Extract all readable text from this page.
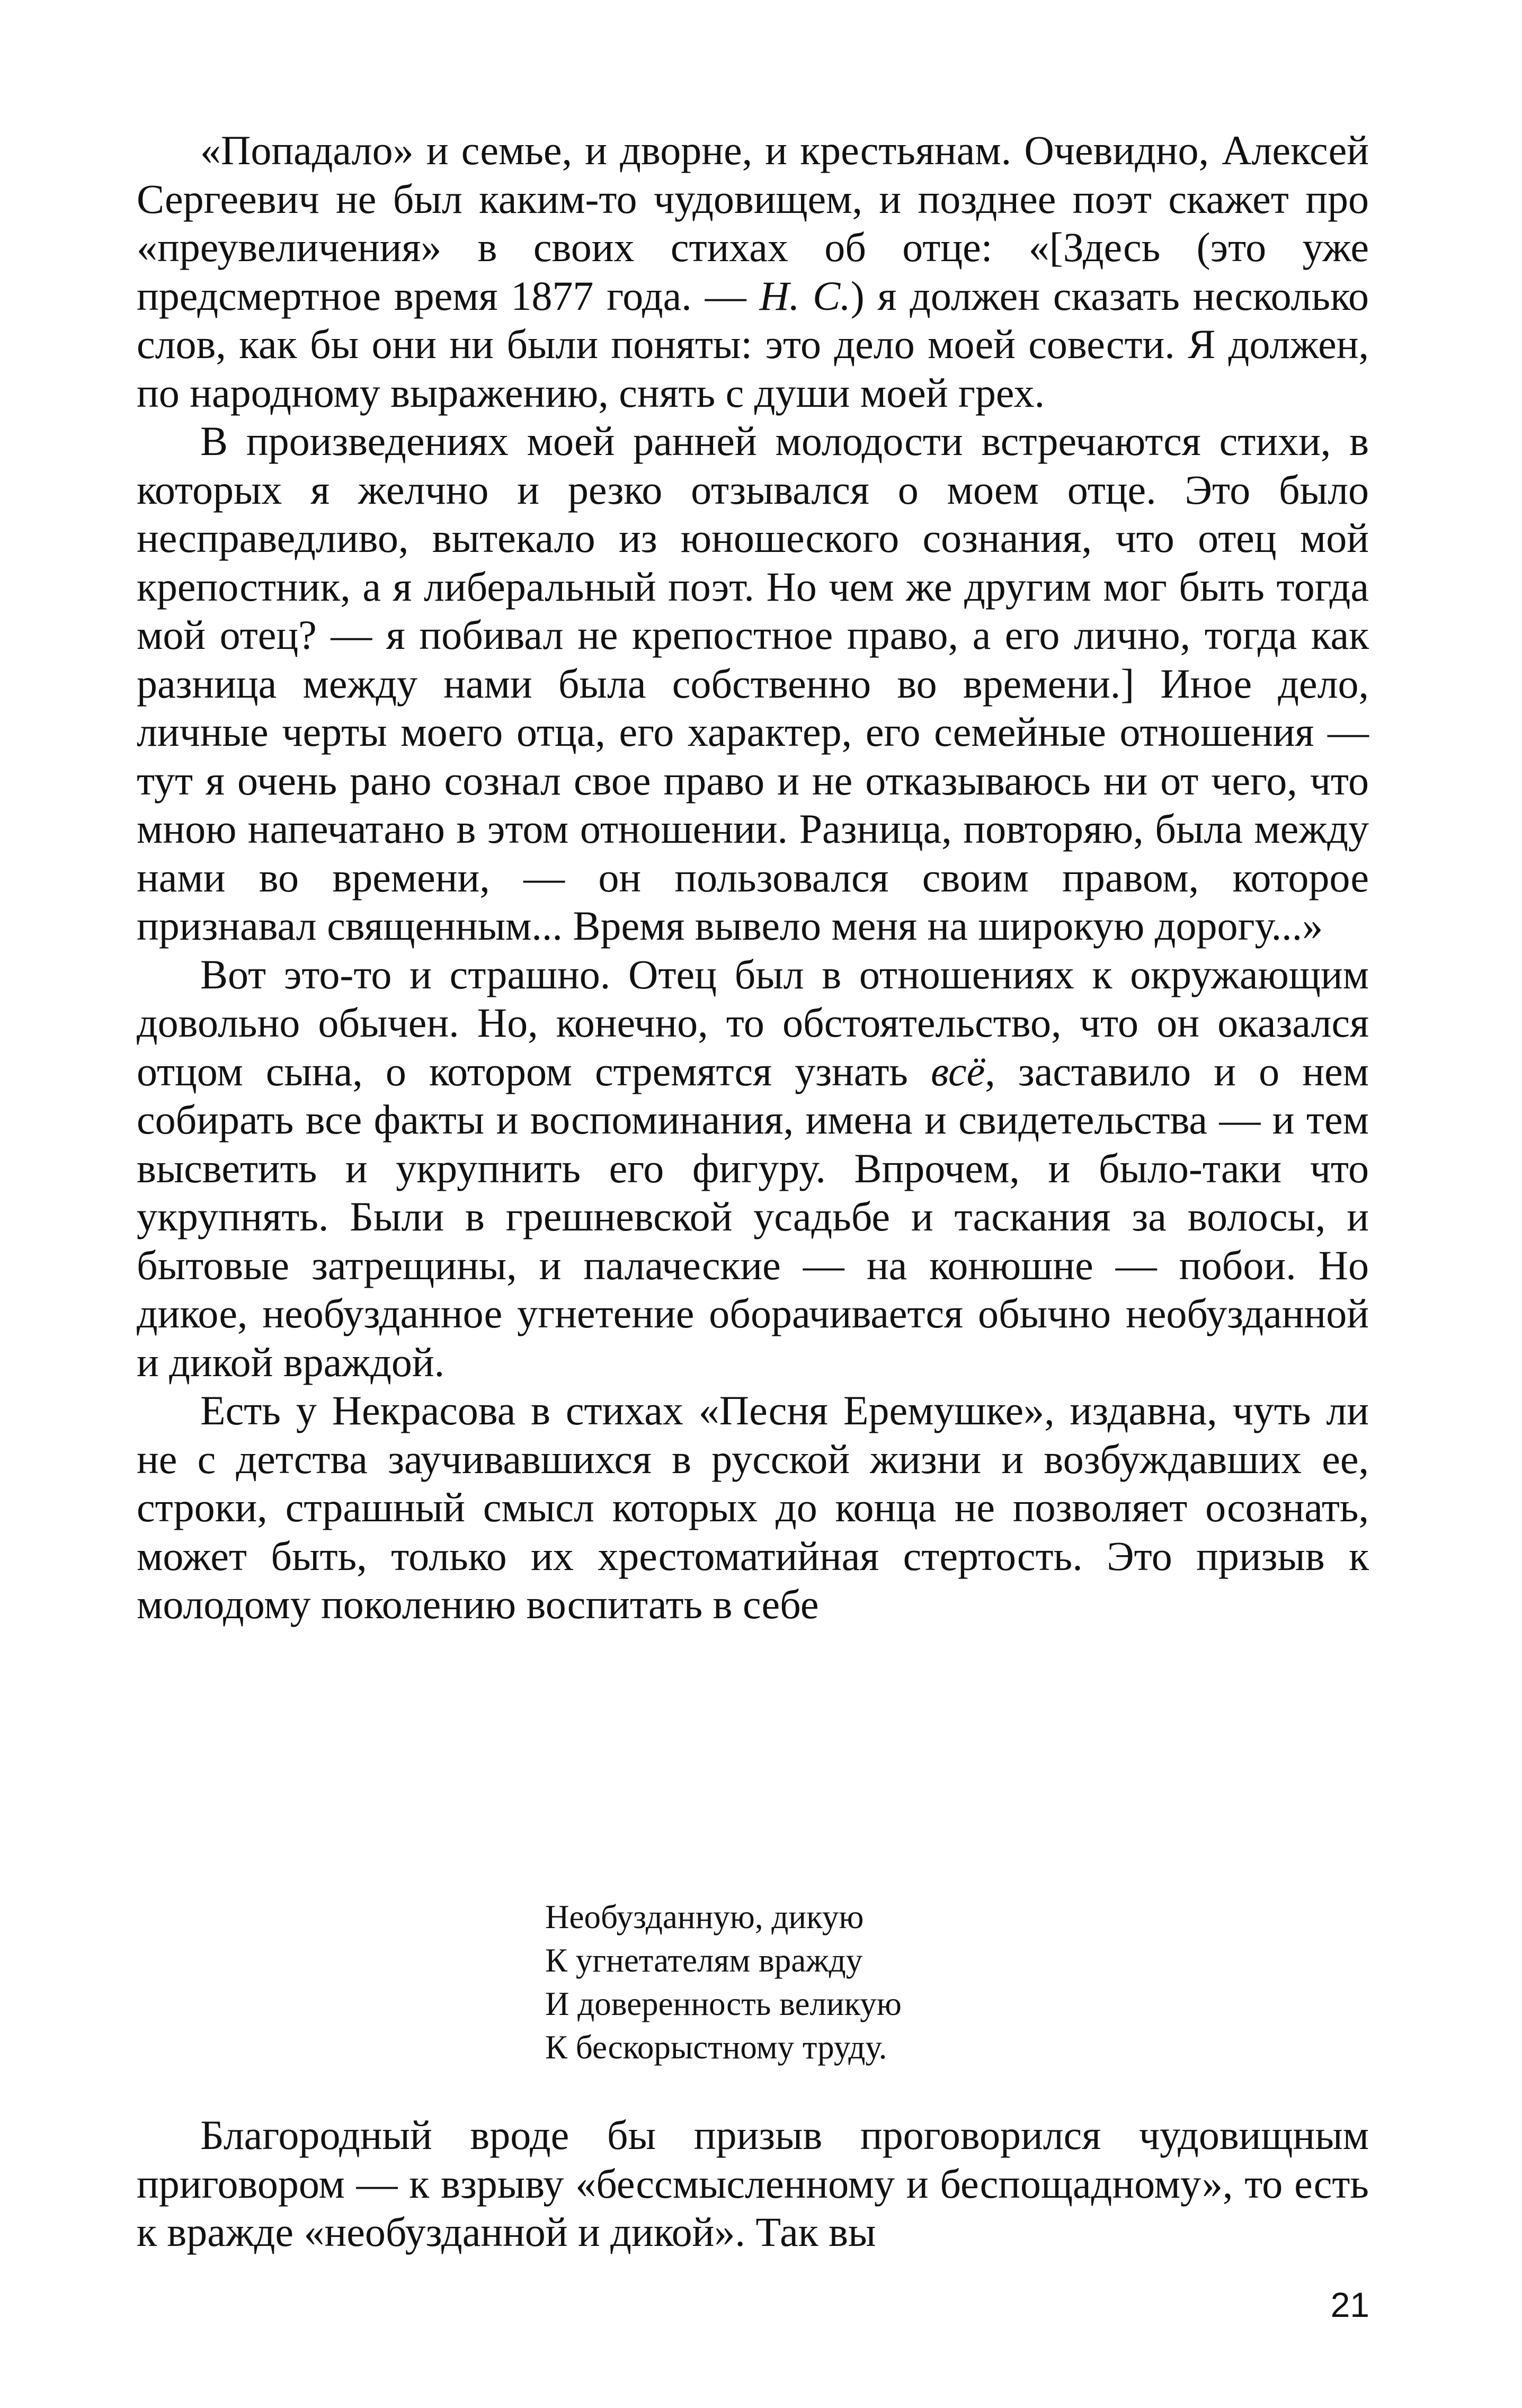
«Попадало» и семье, и дворне, и крестьянам. Очевидно, Алексей Сергеевич не был каким-то чудовищем, и позднее поэт скажет про «преувеличения» в своих стихах об отце: «[Здесь (это уже предсмертное время 1877 года. — Н. С.) я должен сказать несколько слов, как бы они ни были поняты: это дело моей совести. Я должен, по народному выражению, снять с души моей грех.

В произведениях моей ранней молодости встречаются стихи, в которых я желчно и резко отзывался о моем отце. Это было несправедливо, вытекало из юношеского сознания, что отец мой крепостник, а я либеральный поэт. Но чем же другим мог быть тогда мой отец? — я побивал не крепостное право, а его лично, тогда как разница между нами была собственно во времени.] Иное дело, личные черты моего отца, его характер, его семейные отношения — тут я очень рано сознал свое право и не отказываюсь ни от чего, что мною напечатано в этом отношении. Разница, повторяю, была между нами во времени, — он пользовался своим правом, которое признавал священным... Время вывело меня на широкую дорогу...»

Вот это-то и страшно. Отец был в отношениях к окружающим довольно обычен. Но, конечно, то обстоятельство, что он оказался отцом сына, о котором стремятся узнать всё, заставило и о нем собирать все факты и воспоминания, имена и свидетельства — и тем высветить и укрупнить его фигуру. Впрочем, и было-таки что укрупнять. Были в грешневской усадьбе и таскания за волосы, и бытовые затрещины, и палаческие — на конюшне — побои. Но дикое, необузданное угнетение оборачивается обычно необузданной и дикой враждой.

Есть у Некрасова в стихах «Песня Еремушке», издавна, чуть ли не с детства заучивавшихся в русской жизни и возбуждавших ее, строки, страшный смысл которых до конца не позволяет осознать, может быть, только их хрестоматийная стертость. Это призыв к молодому поколению воспитать в себе

Необузданную, дикую
К угнетателям вражду
И доверенность великую
К бескорыстному труду.

Благородный вроде бы призыв проговорился чудовищным приговором — к взрыву «бессмысленному и беспощадному», то есть к вражде «необузданной и дикой». Так вы

21
